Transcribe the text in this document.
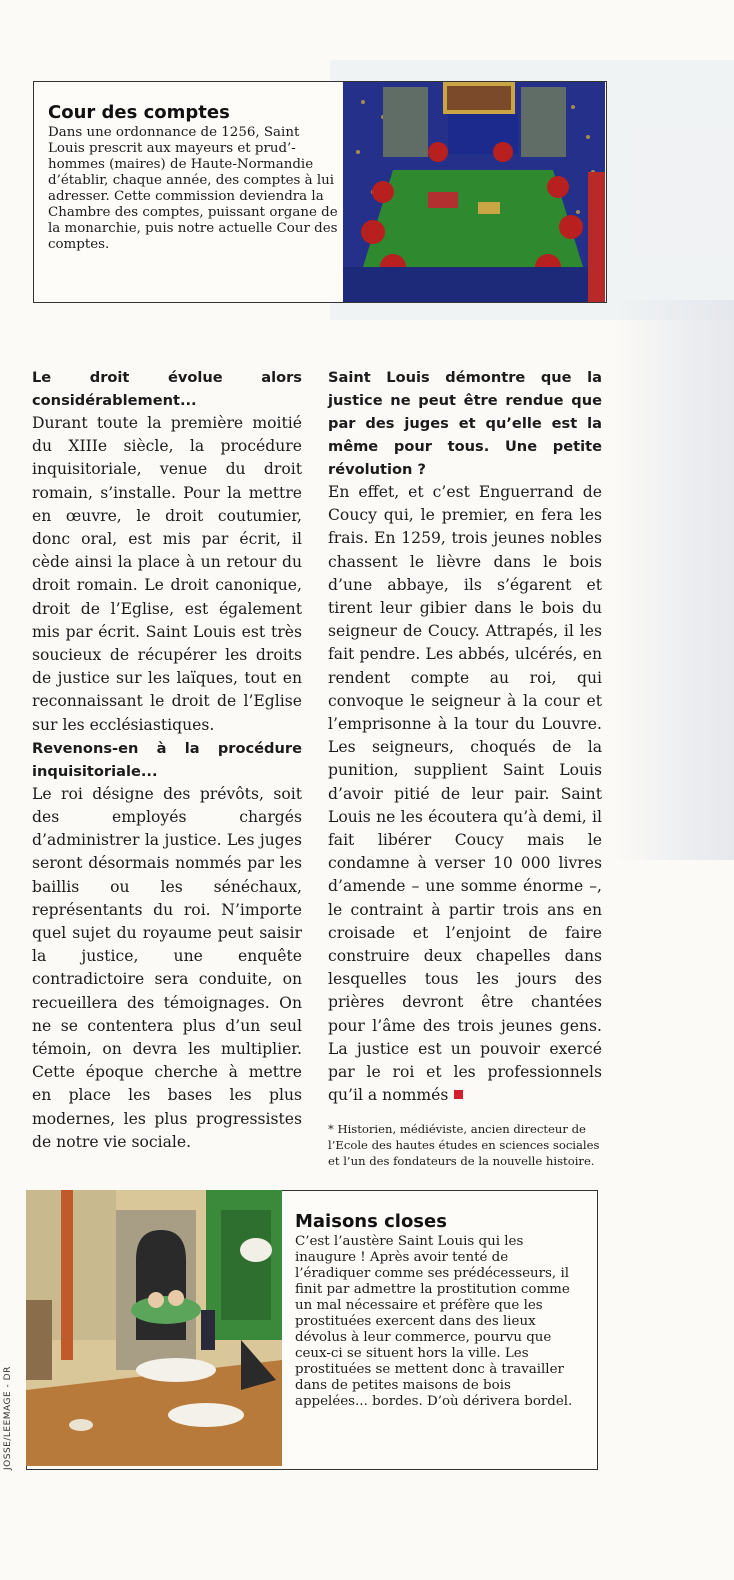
Cour des comptes

Dans une ordonnance de 1256, Saint Louis prescrit aux mayeurs et prud’-hommes (maires) de Haute-Normandie d’établir, chaque année, des comptes à lui adresser. Cette commission deviendra la Chambre des comptes, puissant organe de la monarchie, puis notre actuelle Cour des comptes.

Le droit évolue alors considérablement...

Durant toute la première moitié du XIIIe siècle, la procédure inquisitoriale, venue du droit romain, s’installe. Pour la mettre en œuvre, le droit coutumier, donc oral, est mis par écrit, il cède ainsi la place à un retour du droit romain. Le droit canonique, droit de l’Eglise, est également mis par écrit. Saint Louis est très soucieux de récupérer les droits de justice sur les laïques, tout en reconnaissant le droit de l’Eglise sur les ecclésiastiques.

Revenons-en à la procédure inquisitoriale...

Le roi désigne des prévôts, soit des employés chargés d’administrer la justice. Les juges seront désormais nommés par les baillis ou les sénéchaux, représentants du roi. N’importe quel sujet du royaume peut saisir la justice, une enquête contradictoire sera conduite, on recueillera des témoignages. On ne se contentera plus d’un seul témoin, on devra les multiplier. Cette époque cherche à mettre en place les bases les plus modernes, les plus progressistes de notre vie sociale.

Saint Louis démontre que la justice ne peut être rendue que par des juges et qu’elle est la même pour tous. Une petite révolution ?

En effet, et c’est Enguerrand de Coucy qui, le premier, en fera les frais. En 1259, trois jeunes nobles chassent le lièvre dans le bois d’une abbaye, ils s’égarent et tirent leur gibier dans le bois du seigneur de Coucy. Attrapés, il les fait pendre. Les abbés, ulcérés, en rendent compte au roi, qui convoque le seigneur à la cour et l’emprisonne à la tour du Louvre. Les seigneurs, choqués de la punition, supplient Saint Louis d’avoir pitié de leur pair. Saint Louis ne les écoutera qu’à demi, il fait libérer Coucy mais le condamne à verser 10 000 livres d’amende – une somme énorme –, le contraint à partir trois ans en croisade et l’enjoint de faire construire deux chapelles dans lesquelles tous les jours des prières devront être chantées pour l’âme des trois jeunes gens. La justice est un pouvoir exercé par le roi et les professionnels qu’il a nommés

* Historien, médiéviste, ancien directeur de l’Ecole des hautes études en sciences sociales et l’un des fondateurs de la nouvelle histoire.

Maisons closes

C’est l’austère Saint Louis qui les inaugure ! Après avoir tenté de l’éradiquer comme ses prédécesseurs, il finit par admettre la prostitution comme un mal nécessaire et préfère que les prostituées exercent dans des lieux dévolus à leur commerce, pourvu que ceux-ci se situent hors la ville. Les prostituées se mettent donc à travailler dans de petites maisons de bois appelées... bordes. D’où dérivera bordel.

JOSSE/LEEMAGE - DR
